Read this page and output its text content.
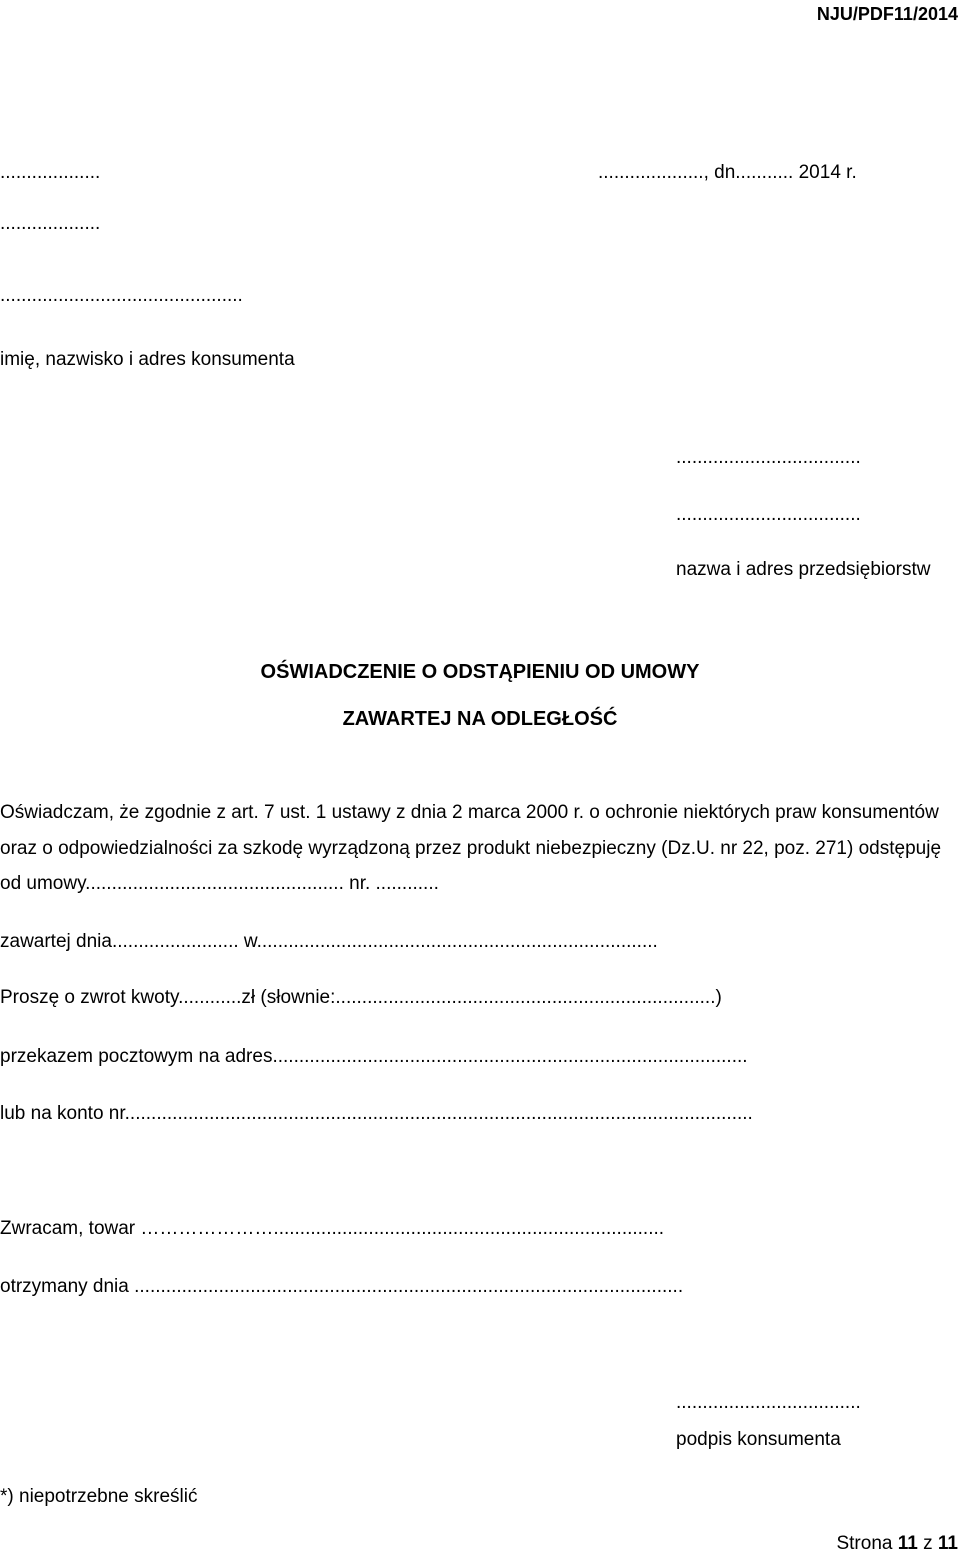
NJU/PDF11/2014
...................
...................
..............................................
imię, nazwisko i adres konsumenta
...................., dn........... 2014 r.
...................................
...................................
nazwa i adres przedsiębiorstw
OŚWIADCZENIE O ODSTĄPIENIU OD UMOWY
ZAWARTEJ NA ODLEGŁOŚĆ
Oświadczam, że zgodnie z art. 7 ust. 1 ustawy z dnia 2 marca 2000 r. o ochronie niektórych praw konsumentów oraz o odpowiedzialności za szkodę wyrządzoną przez produkt niebezpieczny (Dz.U. nr 22, poz. 271) odstępuję od umowy................................................. nr. ............
zawartej dnia........................ w............................................................................
Proszę o zwrot kwoty............zł (słownie:........................................................................)
przekazem pocztowym na adres..........................................................................................
lub na konto nr.......................................................................................................................
Zwracam, towar …………………..........................................................................
otrzymany dnia ........................................................................................................
...................................
podpis konsumenta
*) niepotrzebne skreślić
Strona 11 z 11
